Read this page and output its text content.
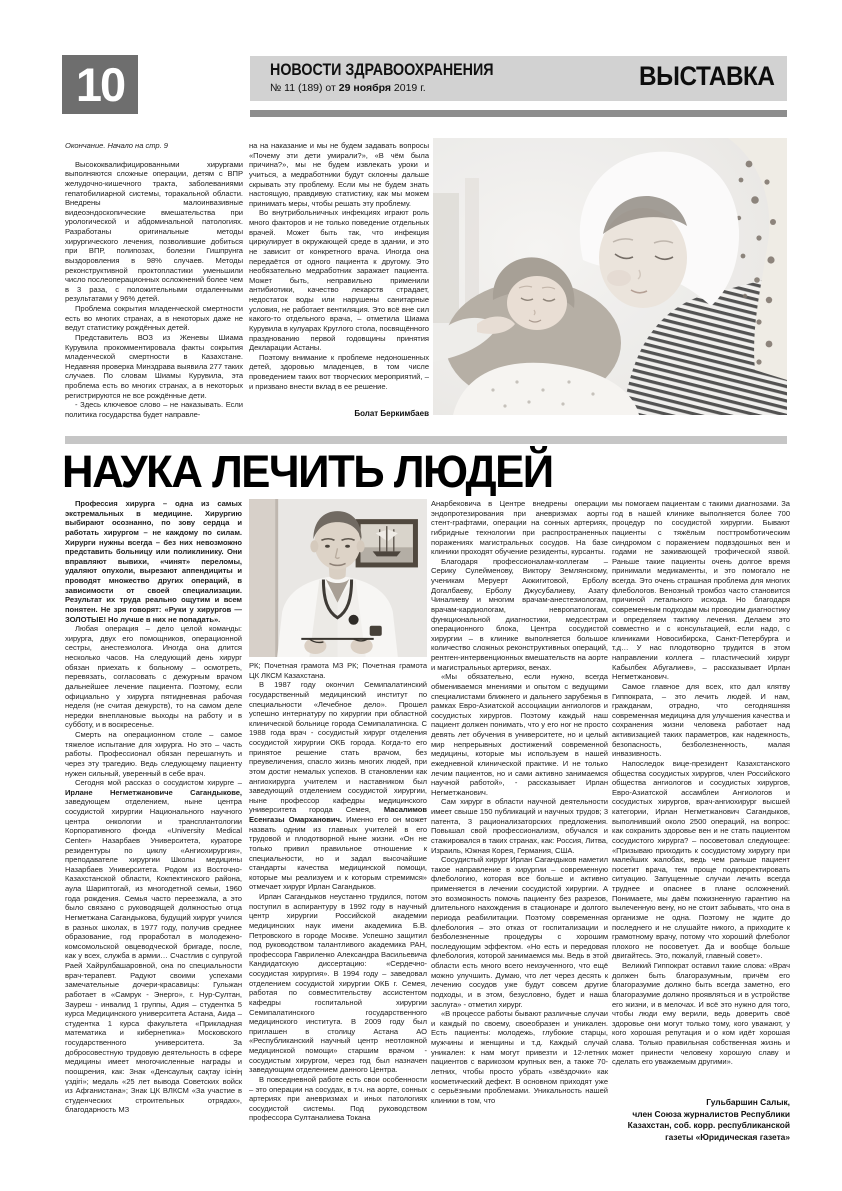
10	НОВОСТИ ЗДРАВООХРАНЕНИЯ
№ 11 (189) от 29 ноября 2019 г.	ВЫСТАВКА

Окончание. Начало на стр. 9

Высококвалифицированными хирургами выполняются сложные операции, детям с ВПР желудочно-кишечного тракта, заболеваниями гепатобилиарной системы, торакальной области. Внедрены малоинвазивные видеоэндоскопические вмешательства при урологической и абдоминальной патологиях. Разработаны оригинальные методы хирургического лечения, позволившие добиться при ВПР, полипозах, болезни Гишпрунга выздоровления в 98% случаев. Методы реконструктивной проктопластики уменьшили число послеоперационных осложнений более чем в 3 раза, с положительными отдаленными результатами у 96% детей.

Проблема сокрытия младенческой смертности есть во многих странах, а в некоторых даже не ведут статистику рождённых детей.

Представитель ВОЗ из Женевы Шиама Курувила прокомментировала факты сокрытия младенческой смертности в Казахстане. Недавняя проверка Минздрава выявила 277 таких случаев. По словам Шиамы Курувила, эта проблема есть во многих странах, а в некоторых регистрируются не все рождённые дети.

- Здесь ключевое слово – не наказывать. Если политика государства будет направле-

на на наказание и мы не будем задавать вопросы «Почему эти дети умирали?», «В чём была причина?», мы не будем извлекать уроки и учиться, а медработники будут склонны дальше скрывать эту проблему. Если мы не будем знать настоящую, правдивую статистику, как мы можем принимать меры, чтобы решать эту проблему.

Во внутрибольничных инфекциях играют роль много факторов и не только поведение отдельных врачей. Может быть так, что инфекция циркулирует в окружающей среде в здании, и это не зависит от конкретного врача. Иногда она передаётся от одного пациента к другому. Это необязательно медработник заражает пациента. Может быть, неправильно применили антибиотики, качество лекарств страдает, недостаток воды или нарушены санитарные условия, не работает вентиляция. Это всё вне сил какого-то отдельного врача, – отметила Шиама Курувила в кулуарах Круглого стола, посвящённого празднованию первой годовщины принятия Декларации Астаны.

Поэтому внимание к проблеме недоношенных детей, здоровью младенцев, в том числе проведением таких вот творческих мероприятий, – и призвано внести вклад в ее решение.

Болат Беркимбаев
НАУКА ЛЕЧИТЬ ЛЮДЕЙ

Профессия хирурга – одна из самых экстремальных в медицине. Хирургию выбирают осознанно, по зову сердца и работать хирургом – не каждому по силам. Хирурги нужны всегда – без них невозможно представить больницу или поликлинику. Они вправляют вывихи, «чинят» переломы, удаляют опухоли, вырезают аппендициты и проводят множество других операций, в зависимости от своей специализации. Результат их труда реально ощутим и всем понятен. Не зря говорят: «Руки у хирургов — ЗОЛОТЫЕ! Но лучше в них не попадать».

Любая операция – дело целой команды: хирурга, двух его помощников, операционной сестры, анестезиолога. Иногда она длится несколько часов. На следующий день хирург обязан приехать к больному – осмотреть, перевязать, согласовать с дежурным врачом дальнейшее лечение пациента. Поэтому, если официально у хирурга пятидневная рабочая неделя (не считая дежурств), то на самом деле нередки внеплановые выходы на работу и в субботу, и в воскресенье.

Смерть на операционном столе – самое тяжелое испытание для хирурга. Но это – часть работы. Профессионал обязан перешагнуть и через эту трагедию. Ведь следующему пациенту нужен сильный, уверенный в себе врач.

Сегодня мой рассказ о сосудистом хирурге – Ирлане Негметжановиче Сагандыкове, заведующем отделением, ныне центра сосудистой хирургии Национального научного центра онкологии и трансплантологии Корпоративного фонда «University Medical Center» Назарбаев Университета, кураторе резидентуры по циклу «Ангиохирургия», преподавателе хирургии Школы медицины Назарбаев Университета. Родом из Восточно-Казахстанской области, Кокпектинского района, аула Шариптогай, из многодетной семьи, 1960 года рождения. Семья часто переезжала, а это было связано с руководящей должностью отца Негметжана Сагандыкова, будущий хирург учился в разных школах, в 1977 году, получив среднее образование, год проработал в молодежно-комсомольской овцеводческой бригаде, после, как у всех, служба в армии… Счастлив с супругой Раей Хайрулбашаровной, она по специальности врач-терапевт. Радуют своими успехами замечательные дочери-красавицы: Гульжан работает в «Самрук - Энерго», г. Нур-Султан, Зауреш - инвалид 1 группы, Адия – студентка 5 курса Медицинского университета Астана, Аида – студентка 1 курса факультета «Прикладная математика и кибернетика» Московского государственного университета. За добросовестную трудовую деятельность в сфере медицины имеет многочисленные награды и поощрения, как: Знак «Денсаулық сақтау ісінің үздігі»; медаль «25 лет вывода Советских войск из Афганистана»; Знак ЦК ВЛКСМ «За участие в студенческих строительных отрядах», благодарность МЗ

РК; Почетная грамота МЗ РК; Почетная грамота ЦК ЛКСМ Казахстана.

В 1987 году окончил Семипалатинский государственный медицинский институт по специальности «Лечебное дело». Прошел успешно интернатуру по хирургии при областной клинической больнице города Семипалатинска. С 1988 года врач - сосудистый хирург отделения сосудистой хирургии ОКБ города. Когда-то его принятое решение стать врачом, без преувеличения, спасло жизнь многих людей, при этом достиг немалых успехов. В становлении как ангиохирурга учителем и наставником был заведующий отделением сосудистой хирургии, ныне профессор кафедры медицинского университета города Семея, Масалимов Есенгазы Омарханович. Именно его он может назвать одним из главных учителей в его трудовой и плодотворной ныне жизни. «Он не только привил правильное отношение к специальности, но и задал высочайшие стандарты качества медицинской помощи, которые мы реализуем и к которым стремимся» отмечает хирург Ирлан Сагандыков.

Ирлан Сагандыков неустанно трудился, потом поступил в аспирантуру в 1992 году в научный центр хирургии Российской академии медицинских наук имени академика Б.В. Петровского в городе Москве. Успешно защитил под руководством талантливого академика РАН, профессора Гавриленко Александра Васильевича Кандидатскую диссертацию: «Сердечно-сосудистая хирургия». В 1994 году – заведовал отделением сосудистой хирургии ОКБ г. Семея, работая по совместительству ассистентом кафедры госпитальной хирургии Семипалатинского государственного медицинского института. В 2009 году был приглашен в столицу Астана АО «Республиканский научный центр неотложной медицинской помощи» старшим врачом - сосудистым хирургом, через год был назначен заведующим отделением данного Центра.

В повседневной работе есть свои особенности – это операции на сосудах, в т.ч. на аорте, сонных артериях при аневризмах и иных патологиях сосудистой системы. Под руководством профессора Султаналиева Токана

Анарбековича в Центре внедрены операции эндопротезирования при аневризмах аорты стент-графтами, операции на сонных артериях, гибридные технологии при распространенных поражениях магистральных сосудов. На базе клиники проходят обучение резиденты, курсанты.

Благодаря профессионалам-коллегам – Серику Сулейменову, Виктору Землянскому, ученикам Меруерт Акжигитовой, Ерболу Догалбаеву, Ерболу Джусубалиеву, Азату Чиналиеву и многим врачам-анестезиологам, врачам-кардиологам, невропатологам, функциональной диагностики, медсестрам операционного блока, Центра сосудистой хирургии – в клинике выполняется большое количество сложных реконструктивных операций, рентген-интервенционных вмешательств на аорте и магистральных артериях, венах.

«Мы обязательно, если нужно, всегда обмениваемся мнениями и опытом с ведущими специалистами ближнего и дальнего зарубежья в рамках Евро-Азиатской ассоциации ангиологов и сосудистых хирургов. Поэтому каждый наш пациент должен понимать, что у его ног не просто девять лет обучения в университете, но и целый мир непрерывных достижений современной медицины, которые мы используем в нашей ежедневной клинической практике. И не только лечим пациентов, но и сами активно занимаемся научной работой», - рассказывает Ирлан Негметжанович.

Сам хирург в области научной деятельности имеет свыше 150 публикаций и научных трудов; 3 патента, 3 рационализаторских предложения. Повышал свой профессионализм, обучался и стажировался в таких странах, как: Россия, Литва, Израиль, Южная Корея, Германия, США.

Сосудистый хирург Ирлан Сагандыков наметил такое направление в хирургии – современную флебологию, которая все больше и активно применяется в лечении сосудистой хирургии. А это возможность помочь пациенту без разрезов, длительного нахождения в стационаре и долгого периода реабилитации. Поэтому современная флебология – это отказ от госпитализации и безболезненные процедуры с хорошим последующим эффектом. «Но есть и передовая флебология, которой занимаемся мы. Ведь в этой области есть много всего неизученного, что ещё можно улучшить. Думаю, что лет через десять к лечению сосудов уже будут совсем другие подходы, и в этом, безусловно, будет и наша заслуга» - отметил хирург.

«В процессе работы бывают различные случаи и каждый по своему, своеобразен и уникален. Есть пациенты: молодежь, глубокие старцы, мужчины и женщины и т.д. Каждый случай уникален: к нам могут привезти и 12-летних пациентов с варикозом крупных вен, а также 70-летних, чтобы просто убрать «звёздочки» как косметический дефект. В основном приходят уже с серьёзными проблемами. Уникальность нашей клиники в том, что

мы помогаем пациентам с такими диагнозами. За год в нашей клинике выполняется более 700 процедур по сосудистой хирургии. Бывают пациенты с тяжёлым посттромботическим синдромом с поражением подвздошных вен и годами не заживающей трофической язвой. Раньше такие пациенты очень долгое время принимали медикаменты, и это помогало не всегда. Это очень страшная проблема для многих флебологов. Венозный тромбоз часто становится причиной летального исхода. Но благодаря современным подходам мы проводим диагностику и определяем тактику лечения. Делаем это совместно и с консультацией, если надо, с клиниками Новосибирска, Санкт-Петербурга и т.д… У нас плодотворно трудится в этом направлении коллега – пластический хирург Кабылбек Абугалиев», – рассказывает Ирлан Негметжанович.

Самое главное для всех, кто дал клятву Гиппократа, – это лечить людей. И нам, гражданам, отрадно, что сегодняшняя современная медицина для улучшения качества и сохранения жизни человека работает над активизацией таких параметров, как надежность, безопасность, безболезненность, малая инвазивность.

Напоследок вице-президент Казахстанского общества сосудистых хирургов, член Российского общества ангиологов и сосудистых хирургов, Евро-Азиатской ассамблеи Ангиологов и сосудистых хирургов, врач-ангиохирург высшей категории, Ирлан Негметжанович Сагандыков, выполнивший около 2500 операций, на вопрос: как сохранить здоровье вен и не стать пациентом сосудистого хирурга? – посоветовал следующее: «Призываю приходить к сосудистому хирургу при малейших жалобах, ведь чем раньше пациент посетит врача, тем проще подкорректировать ситуацию. Запущенные случаи лечить всегда труднее и опаснее в плане осложнений. Понимаете, мы даём пожизненную гарантию на вылеченную вену, но не стоит забывать, что она в организме не одна. Поэтому не ждите до последнего и не слушайте никого, а приходите к грамотному врачу, потому что хороший флеболог плохого не посоветует. Да и вообще больше двигайтесь. Это, пожалуй, главный совет».

Великий Гиппократ оставил такие слова: «Врач должен быть благоразумным, причём его благоразумие должно быть всегда заметно, его благоразумие должно проявляться и в устройстве его жизни, и в мелочах. И всё это нужно для того, чтобы люди ему верили, ведь доверить своё здоровье они могут только тому, кого уважают, у кого хорошая репутация и о ком идёт хорошая слава. Только правильная собственная жизнь и может принести человеку хорошую славу и сделать его уважаемым другими».

Гульбаршин Салык,
член Союза журналистов Республики
Казахстан, соб. корр. республиканской
газеты «Юридическая газета»
